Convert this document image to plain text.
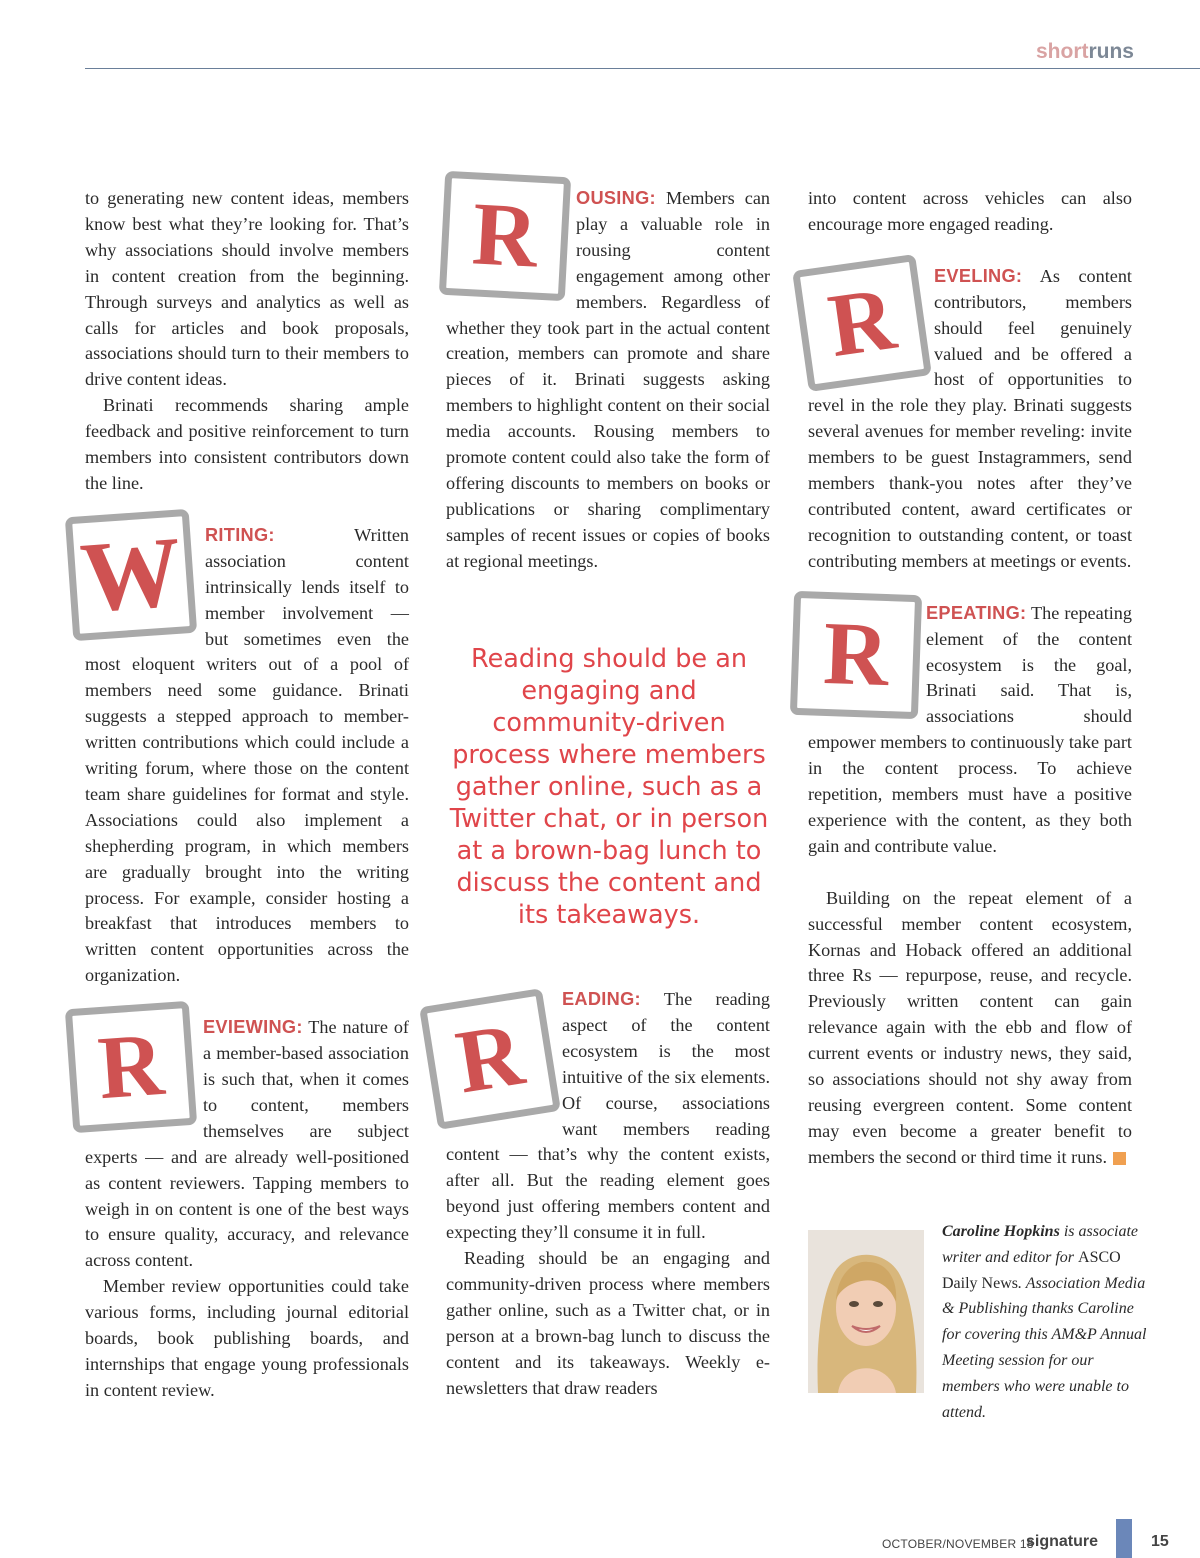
shortruns

to generating new content ideas, members know best what they’re looking for. That’s why associations should involve members in content creation from the beginning. Through surveys and analytics as well as calls for articles and book proposals, associations should turn to their members to drive content ideas.

Brinati recommends sharing ample feedback and positive reinforcement to turn members into consistent contributors down the line.

W	RITING: Written association content intrinsically lends itself to member involvement — but sometimes even the most eloquent writers out of a pool of members need some guidance. Brinati suggests a stepped approach to member-written contributions which could include a writing forum, where those on the content team share guidelines for format and style. Associations could also implement a shepherding program, in which members are gradually brought into the writing process. For example, consider hosting a breakfast that introduces members to written content opportunities across the organization.

R	EVIEWING: The nature of a member-based association is such that, when it comes to content, members themselves are subject experts — and are already well-positioned as content reviewers. Tapping members to weigh in on content is one of the best ways to ensure quality, accuracy, and relevance across content.

Member review opportunities could take various forms, including journal editorial boards, book publishing boards, and internships that engage young professionals in content review.

R	OUSING: Members can play a valuable role in rousing content engagement among other members. Regardless of whether they took part in the actual content creation, members can promote and share pieces of it. Brinati suggests asking members to highlight content on their social media accounts. Rousing members to promote content could also take the form of offering discounts to members on books or publications or sharing complimentary samples of recent issues or copies of books at regional meetings.

Reading should be an engaging and community-driven process where members gather online, such as a Twitter chat, or in person at a brown-bag lunch to discuss the content and its takeaways.
R

EADING: The reading aspect of the content ecosystem is the most intuitive of the six elements. Of course, associations want members reading content — that’s why the content exists, after all. But the reading element goes beyond just offering members content and expecting they’ll consume it in full.

Reading should be an engaging and community-driven process where members gather online, such as a Twitter chat, or in person at a brown-bag lunch to discuss the content and its takeaways. Weekly e-newsletters that draw readers

into content across vehicles can also encourage more engaged reading.

R	EVELING: As content contributors, members should feel genuinely valued and be offered a host of opportunities to revel in the role they play. Brinati suggests several avenues for member reveling: invite members to be guest Instagrammers, send members thank-you notes after they’ve contributed content, award certificates or recognition to outstanding content, or toast contributing members at meetings or events.

R	EPEATING: The repeating element of the content ecosystem is the goal, Brinati said. That is, associations should empower members to continuously take part in the content process. To achieve repetition, members must have a positive experience with the content, as they both gain and contribute value.

Building on the repeat element of a successful member content ecosystem, Kornas and Hoback offered an additional three Rs — repurpose, reuse, and recycle. Previously written content can gain relevance again with the ebb and flow of current events or industry news, they said, so associations should not shy away from reusing evergreen content. Some content may even become a greater benefit to members the second or third time it runs.

Caroline Hopkins is associate writer and editor for ASCO Daily News. Association Media & Publishing thanks Caroline for covering this AM&P Annual Meeting session for our members who were unable to attend.
OCTOBER/NOVEMBER 18
signature	15
